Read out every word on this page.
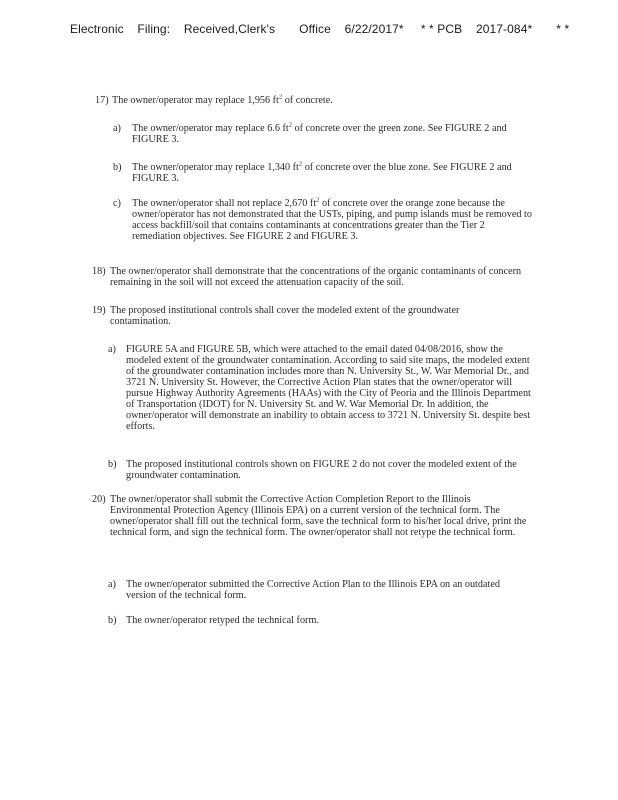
Electronic    Filing:    Received,Clerk's       Office    6/22/2017*     * * PCB    2017-084*       * *
17) The owner/operator may replace 1,956 $ft^2$ of concrete.
a) The owner/operator may replace 6.6 $ft^2$ of concrete over the green zone. See FIGURE 2 and FIGURE 3.
b) The owner/operator may replace 1,340 $ft^2$ of concrete over the blue zone. See FIGURE 2 and FIGURE 3.
c) The owner/operator shall not replace 2,670 $ft^2$ of concrete over the orange zone because the owner/operator has not demonstrated that the USTs, piping, and pump islands must be removed to access backfill/soil that contains contaminants at concentrations greater than the Tier 2 remediation objectives. See FIGURE 2 and FIGURE 3.
18) The owner/operator shall demonstrate that the concentrations of the organic contaminants of concern remaining in the soil will not exceed the attenuation capacity of the soil.
19) The proposed institutional controls shall cover the modeled extent of the groundwater contamination.
a) FIGURE 5A and FIGURE 5B, which were attached to the email dated 04/08/2016, show the modeled extent of the groundwater contamination. According to said site maps, the modeled extent of the groundwater contamination includes more than N. University St., W. War Memorial Dr., and 3721 N. University St. However, the Corrective Action Plan states that the owner/operator will pursue Highway Authority Agreements (HAAs) with the City of Peoria and the Illinois Department of Transportation (IDOT) for N. University St. and W. War Memorial Dr. In addition, the owner/operator will demonstrate an inability to obtain access to 3721 N. University St. despite best efforts.
b) The proposed institutional controls shown on FIGURE 2 do not cover the modeled extent of the groundwater contamination.
20) The owner/operator shall submit the Corrective Action Completion Report to the Illinois Environmental Protection Agency (Illinois EPA) on a current version of the technical form. The owner/operator shall fill out the technical form, save the technical form to his/her local drive, print the technical form, and sign the technical form. The owner/operator shall not retype the technical form.
a) The owner/operator submitted the Corrective Action Plan to the Illinois EPA on an outdated version of the technical form.
b) The owner/operator retyped the technical form.
